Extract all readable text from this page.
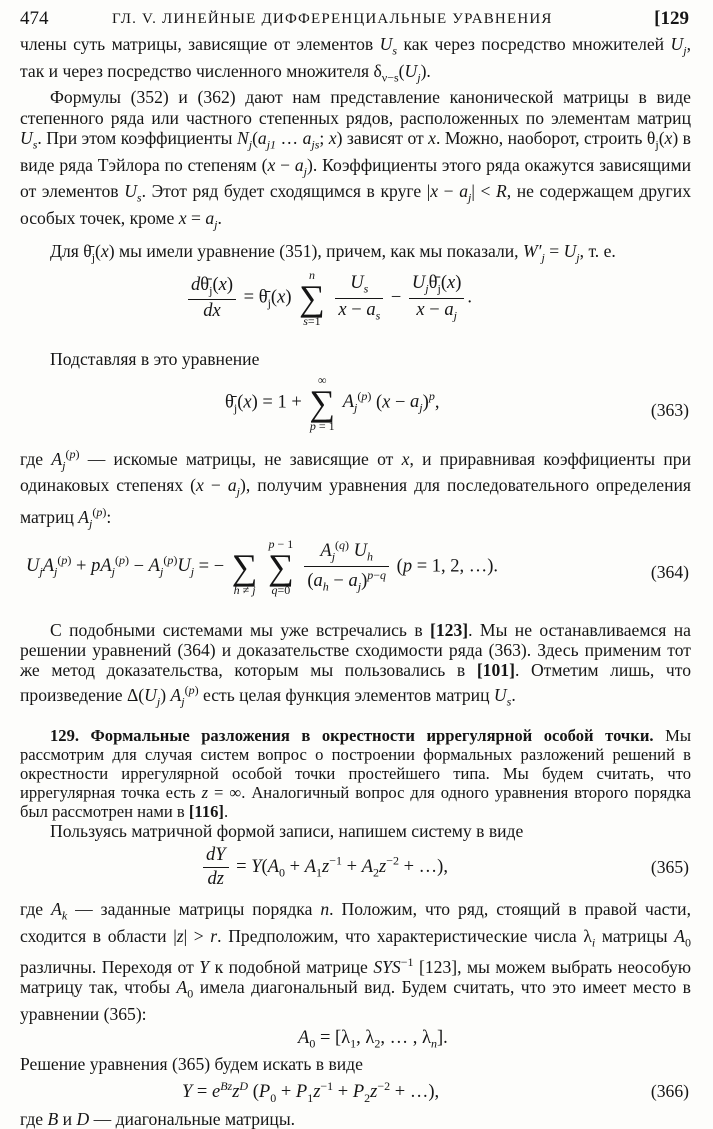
474	ГЛ. V. ЛИНЕЙНЫЕ ДИФФЕРЕНЦИАЛЬНЫЕ УРАВНЕНИЯ	[129

члены суть матрицы, зависящие от элементов $U_s$ как через посредство множителей $U_j$, так и через посредство численного множителя $\delta_{\nu-s}(U_j)$.

Формулы (352) и (362) дают нам представление канонической матрицы в виде степенного ряда или частного степенных рядов, расположенных по элементам матриц $U_s$. При этом коэффициенты $N_j(a_{j1}$ … $a_{js}$; x) зависят от x. Можно, наоборот, строить $\theta_j(x)$ в виде ряда Тэйлора по степеням $(x - a_j)$. Коэффициенты этого ряда окажутся зависящими от элементов $U_s$. Этот ряд будет сходящимся в круге $|x - a_j| < R$, не содержащем других особых точек, кроме $x = a_j$.

Для $\thetā_j(x)$ мы имели уравнение (351), причем, как мы показали, $W'_j = U_j$, т. е.

$\frac{d\thetā_j(x)}{dx}$ = $\thetā_j(x)$
n
∑
s=1
$\frac{U_s}{x - a_s} - \frac{U_j\thetā_j(x)}{x - a_j}$ .

Подставляя в это уравнение

$\thetā_j(x) = 1$ +
∞
∑
p = 1
$A_j^{(p)}$ $(x - a_j)^p$,	(363)

где $A_j^{(p)}$ — искомые матрицы, не зависящие от x, и приравнивая коэффициенты при одинаковых степенях $(x - a_j)$, получим уравнения для последовательного определения матриц $A_j^{(p)}$:

$U_jA_j^{(p)} + pA_j^{(p)} - A_j^{(p)}U_j$ = −
∑
h ≠ j

p − 1
∑
q=0
$\frac{A_j^{(q)} U_h}{(a_h - a_j)^{p-q}} (p = 1$, 2, …).	(364)

С подобными системами мы уже встречались в [123]. Мы не останавливаемся на решении уравнений (364) и доказательстве сходимости ряда (363). Здесь применим тот же метод доказательства, которым мы пользовались в [101]. Отметим лишь, что произведение $\Delta(U_j)$ $A_j^{(p)}$ есть целая функция элементов матриц $U_s$.

129. Формальные разложения в окрестности иррегулярной особой точки. Мы рассмотрим для случая систем вопрос о построении формальных разложений решений в окрестности иррегулярной особой точки простейшего типа. Мы будем считать, что иррегулярная точка есть z = ∞. Аналогичный вопрос для одного уравнения второго порядка был рассмотрен нами в [116].

Пользуясь матричной формой записи, напишем систему в виде

$\frac{dY}{dz} = Y(A_0 + A_1z^{-1} + A_2z^{-2}$ + …),	(365)

где $A_k$ — заданные матрицы порядка n. Положим, что ряд, стоящий в правой части, сходится в области |z| > r. Предположим, что характеристические числа $\lambda_i$ матрицы $A_0$ различны. Переходя от Y к подобной матрице $SYS^{-1}$ [123], мы можем выбрать неособую матрицу так, чтобы $A_0$ имела диагональный вид. Будем считать, что это имеет место в уравнении (365):

$A_0 = [\lambda_1$, $\lambda_2$, … , $\lambda_n$].

Решение уравнения (365) будем искать в виде

$Y = e^{Bz}z^D$ ($P_0 + P_1z^{-1} + P_2z^{-2}$ + …),	(366)

где B и D — диагональные матрицы.
